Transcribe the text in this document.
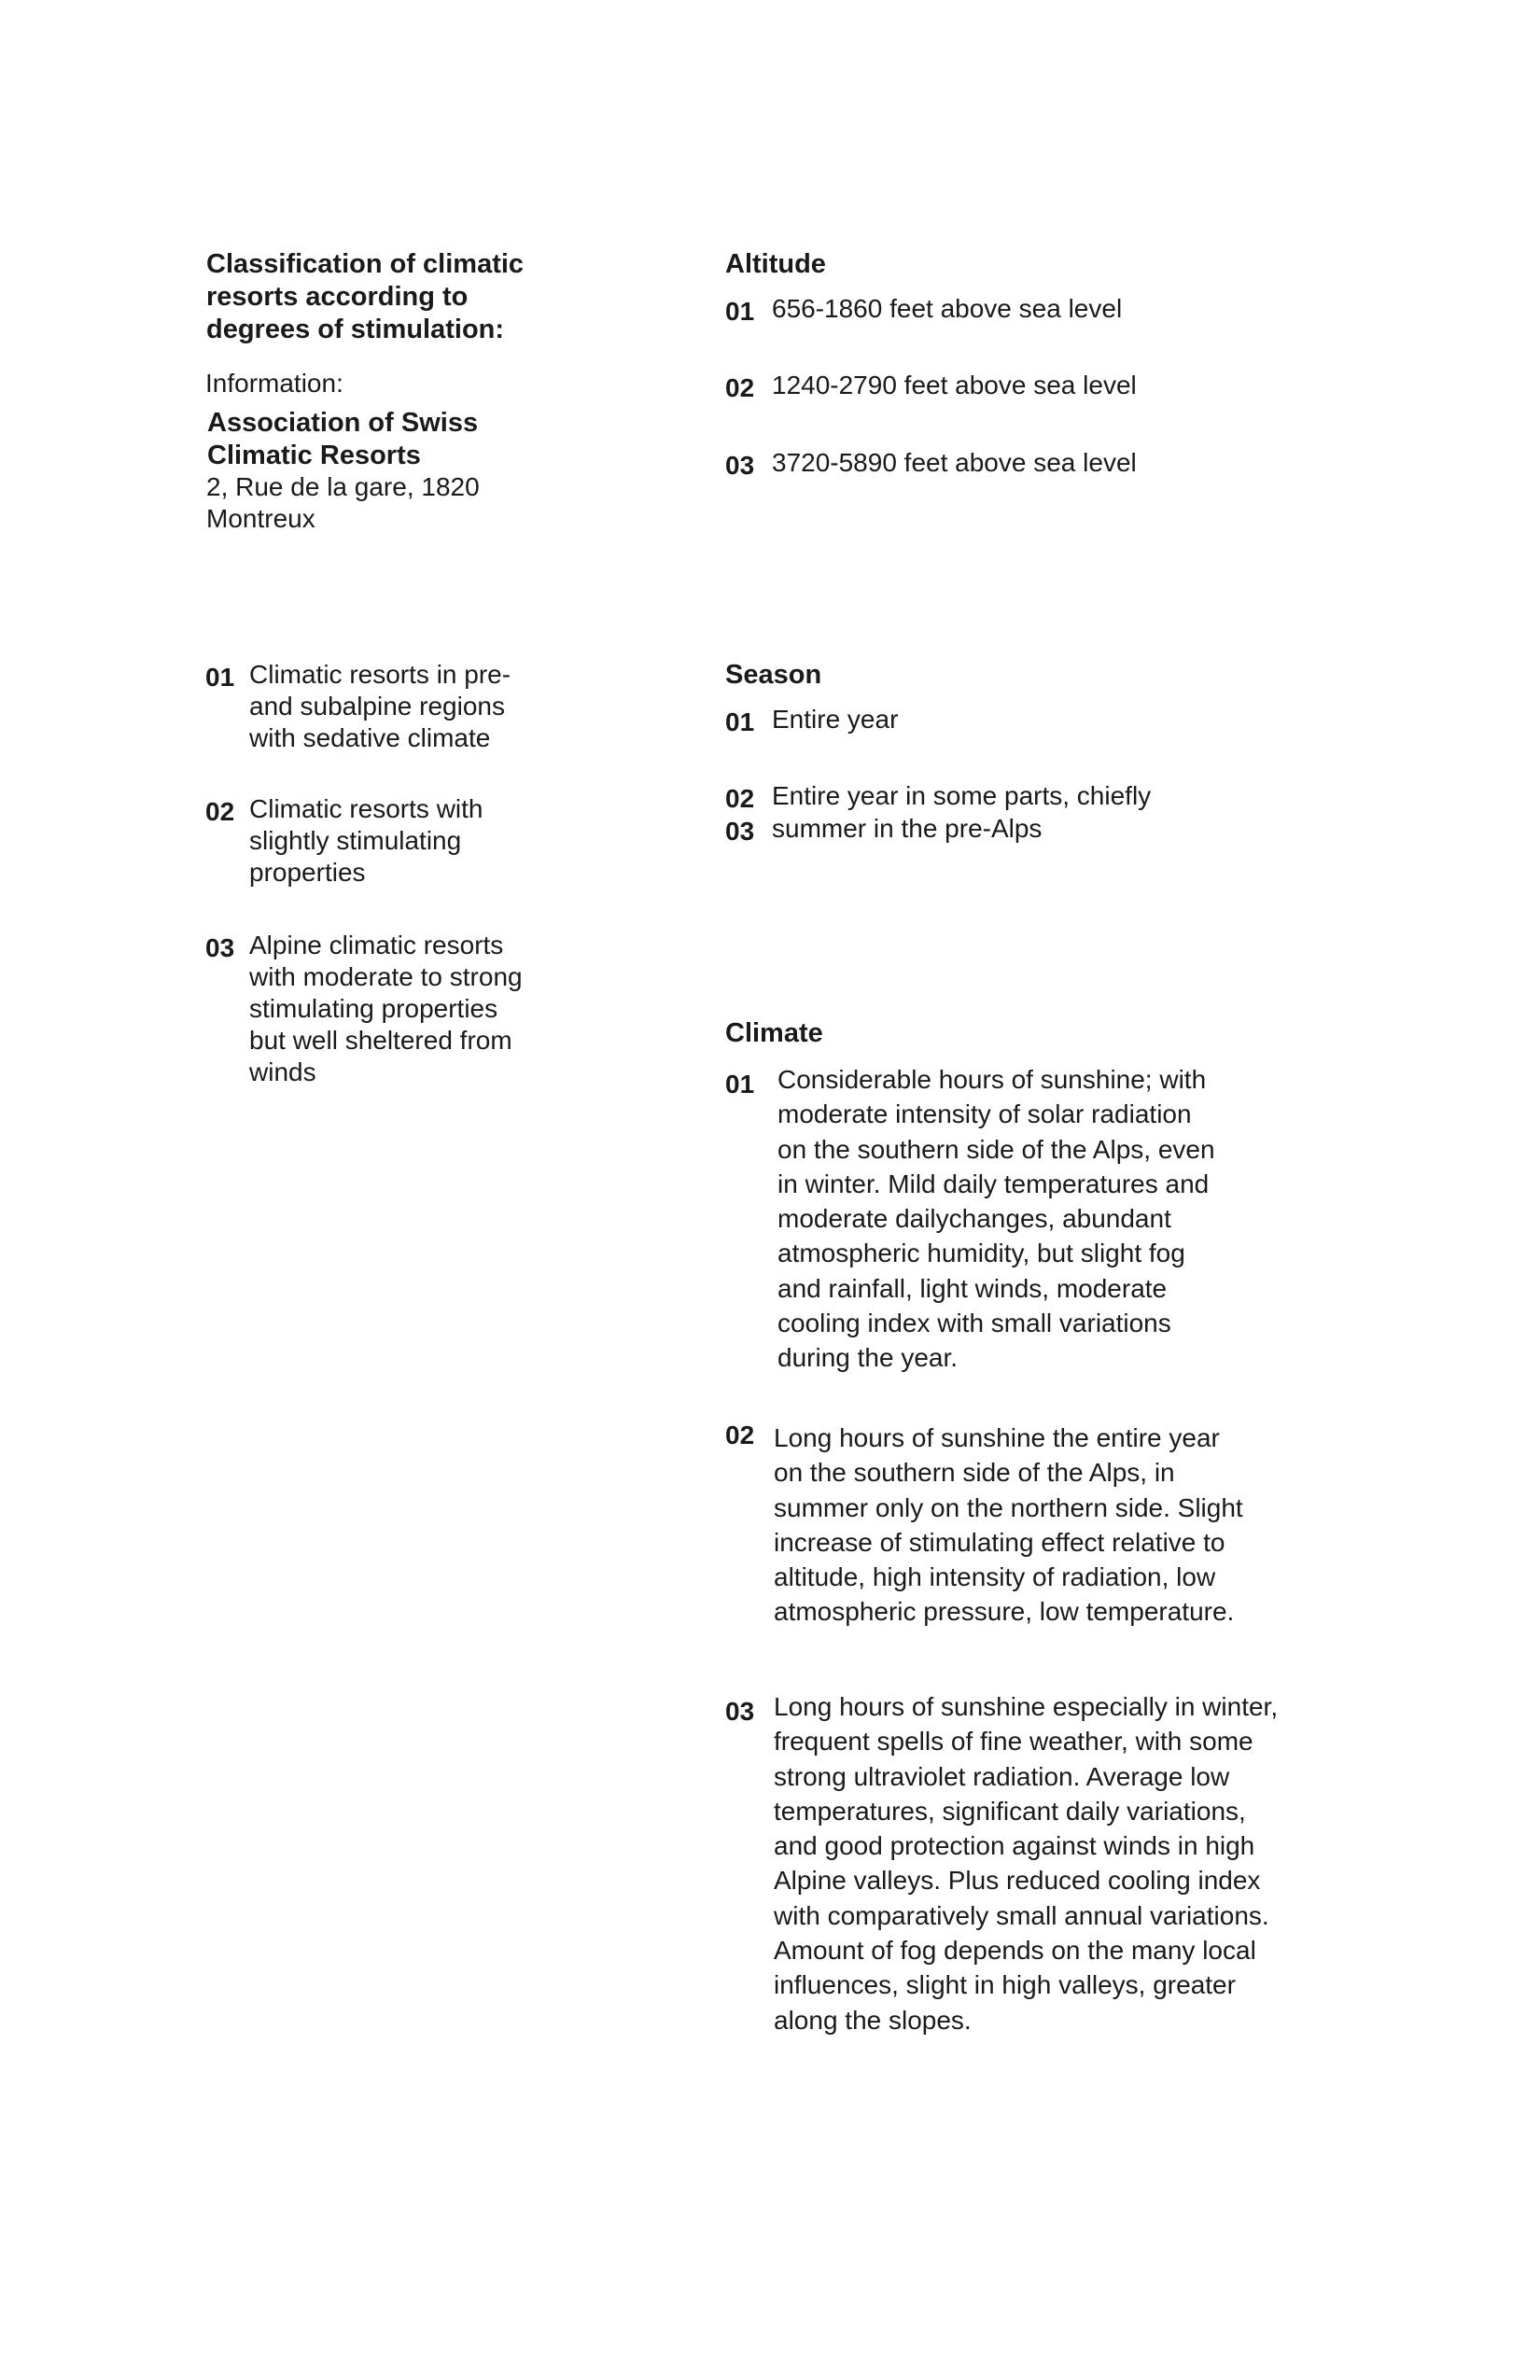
Classification of climatic
resorts according to
degrees of stimulation:
Information:
Association of Swiss
Climatic Resorts
2, Rue de la gare, 1820
Montreux
01 Climatic resorts in pre-
and subalpine regions
with sedative climate
02 Climatic resorts with
slightly stimulating
properties
03 Alpine climatic resorts
with moderate to strong
stimulating properties
but well sheltered from
winds
Altitude
01 656-1860 feet above sea level
02 1240-2790 feet above sea level
03 3720-5890 feet above sea level
Season
01 Entire year
02 Entire year in some parts, chiefly
03 summer in the pre-Alps
Climate
01 Considerable hours of sunshine; with
moderate intensity of solar radiation
on the southern side of the Alps, even
in winter. Mild daily temperatures and
moderate dailychanges, abundant
atmospheric humidity, but slight fog
and rainfall, light winds, moderate
cooling index with small variations
during the year.
02 Long hours of sunshine the entire year
on the southern side of the Alps, in
summer only on the northern side. Slight
increase of stimulating effect relative to
altitude, high intensity of radiation, low
atmospheric pressure, low temperature.
03 Long hours of sunshine especially in winter,
frequent spells of fine weather, with some
strong ultraviolet radiation. Average low
temperatures, significant daily variations,
and good protection against winds in high
Alpine valleys. Plus reduced cooling index
with comparatively small annual variations.
Amount of fog depends on the many local
influences, slight in high valleys, greater
along the slopes.
